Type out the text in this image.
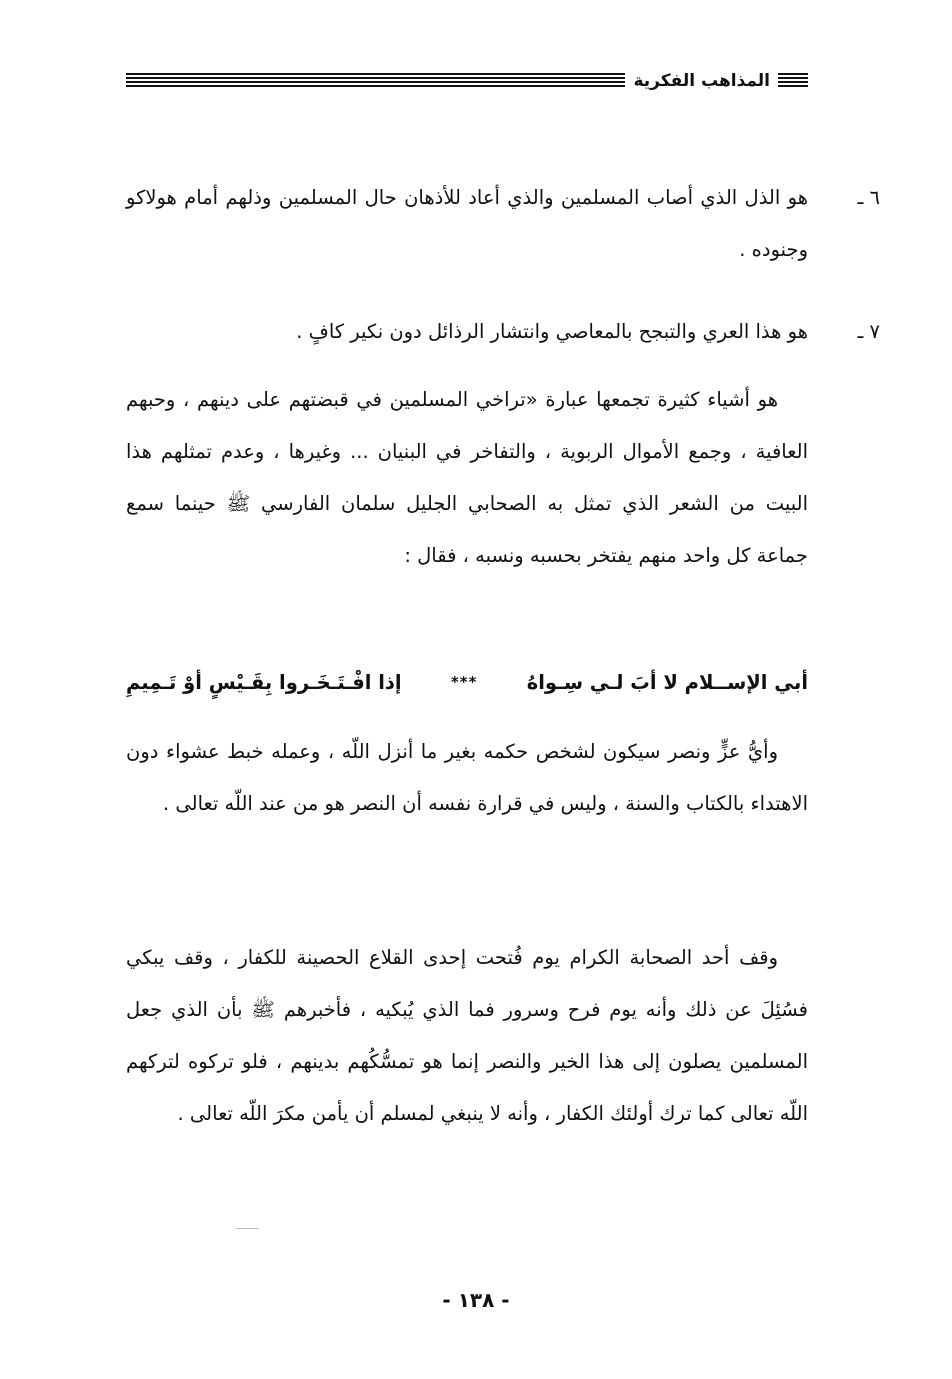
المذاهب الفكرية
٦ ـهو الذل الذي أصاب المسلمين والذي أعاد للأذهان حال المسلمين وذلهم أمام هولاكو وجنوده .
٧ ـهو هذا العري والتبجح بالمعاصي وانتشار الرذائل دون نكير كافٍ .
هو أشياء كثيرة تجمعها عبارة «تراخي المسلمين في قبضتهم على دينهم ، وحبهم العافية ، وجمع الأموال الربوية ، والتفاخر في البنيان ... وغيرها ، وعدم تمثلهم هذا البيت من الشعر الذي تمثل به الصحابي الجليل سلمان الفارسي ﷺ حينما سمع جماعة كل واحد منهم يفتخر بحسبه ونسبه ، فقال :
أبي الإســلام لا أبَ لـي سِـواهُ
***
إذا افْـتَـخَـروا بِقَـيْسٍ أوْ تَـمِيمِ
وأيُّ عزٍّ ونصر سيكون لشخص حكمه بغير ما أنزل اللّه ، وعمله خبط عشواء دون الاهتداء بالكتاب والسنة ، وليس في قرارة نفسه أن النصر هو من عند اللّه تعالى .
وقف أحد الصحابة الكرام يوم فُتحت إحدى القلاع الحصينة للكفار ، وقف يبكي فسُئِلَ عن ذلك وأنه يوم فرح وسرور فما الذي يُبكيه ، فأخبرهم ﷺ بأن الذي جعل المسلمين يصلون إلى هذا الخير والنصر إنما هو تمسُّكُهم بدينهم ، فلو تركوه لتركهم اللّه تعالى كما ترك أولئك الكفار ، وأنه لا ينبغي لمسلم أن يأمن مكرَ اللّه تعالى .
- ١٣٨ -
